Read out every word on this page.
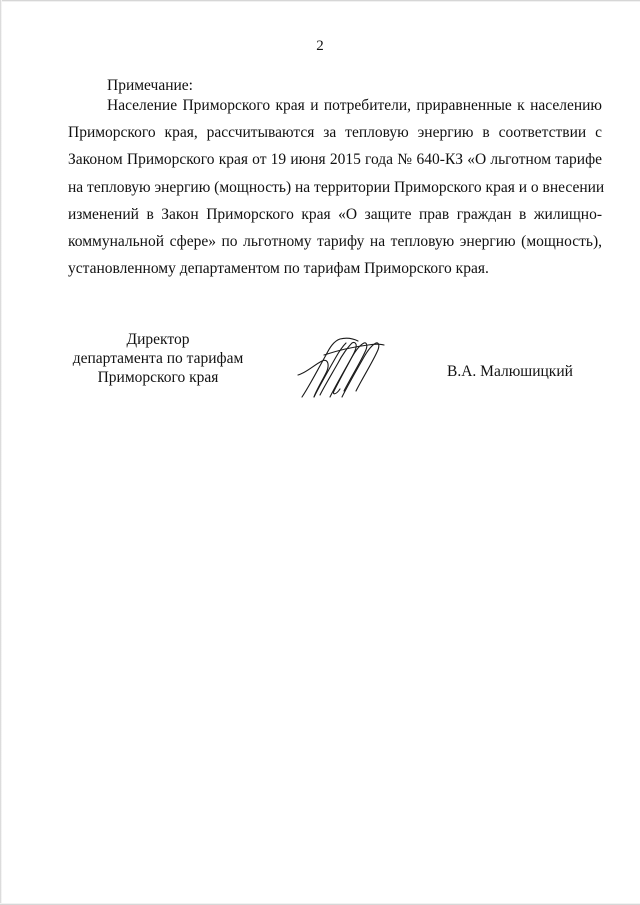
2
Примечание:
Население Приморского края и потребители, приравненные к населению
Приморского края, рассчитываются за тепловую энергию в соответствии с
Законом Приморского края от 19 июня 2015 года № 640-КЗ «О льготном тарифе
на тепловую энергию (мощность) на территории Приморского края и о внесении
изменений в Закон Приморского края «О защите прав граждан в жилищно-
коммунальной сфере» по льготному тарифу на тепловую энергию (мощность),
установленному департаментом по тарифам Приморского края.
Директор
департамента по тарифам
Приморского края	В.А. Малюшицкий
